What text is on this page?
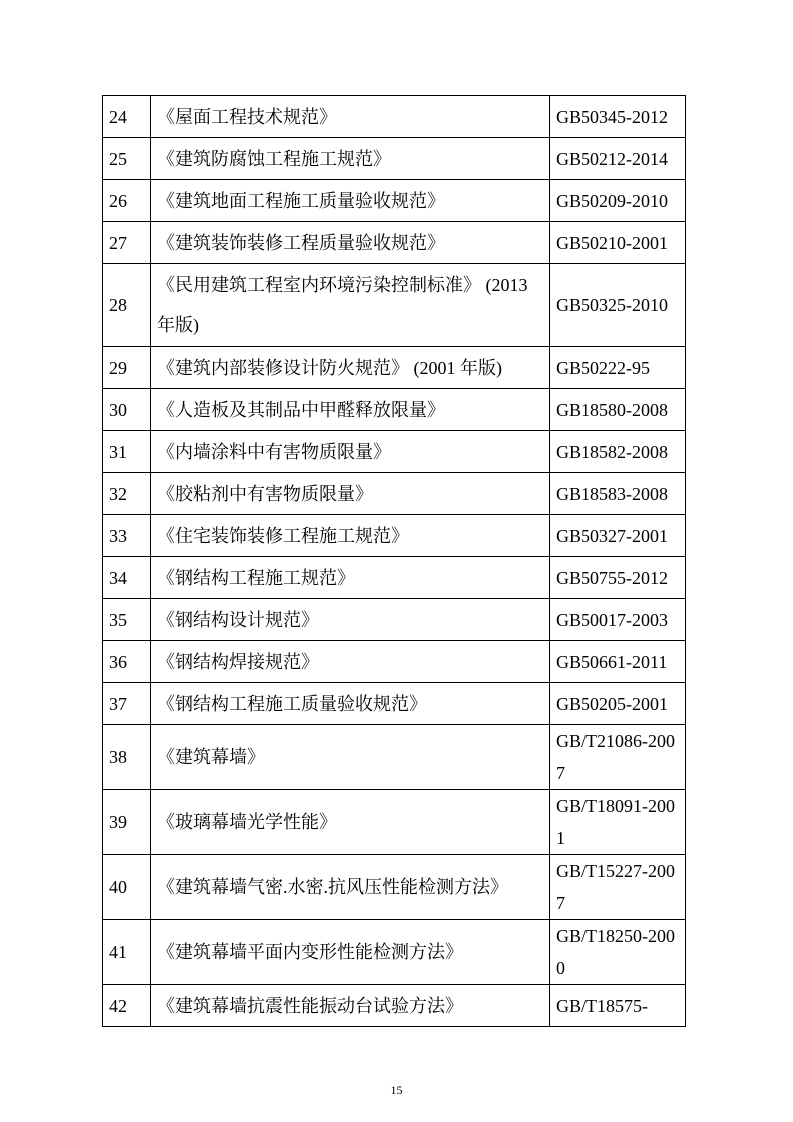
24	《屋面工程技术规范》	GB50345-2012
25	《建筑防腐蚀工程施工规范》	GB50212-2014
26	《建筑地面工程施工质量验收规范》	GB50209-2010
27	《建筑装饰装修工程质量验收规范》	GB50210-2001
28	《民用建筑工程室内环境污染控制标准》 (2013 年版)	GB50325-2010
29	《建筑内部装修设计防火规范》 (2001 年版)	GB50222-95
30	《人造板及其制品中甲醛释放限量》	GB18580-2008
31	《内墙涂料中有害物质限量》	GB18582-2008
32	《胶粘剂中有害物质限量》	GB18583-2008
33	《住宅装饰装修工程施工规范》	GB50327-2001
34	《钢结构工程施工规范》	GB50755-2012
35	《钢结构设计规范》	GB50017-2003
36	《钢结构焊接规范》	GB50661-2011
37	《钢结构工程施工质量验收规范》	GB50205-2001
38	《建筑幕墙》	GB/T21086-2007
39	《玻璃幕墙光学性能》	GB/T18091-2001
40	《建筑幕墙气密.水密.抗风压性能检测方法》	GB/T15227-2007
41	《建筑幕墙平面内变形性能检测方法》	GB/T18250-2000
42	《建筑幕墙抗震性能振动台试验方法》	GB/T18575-
15
